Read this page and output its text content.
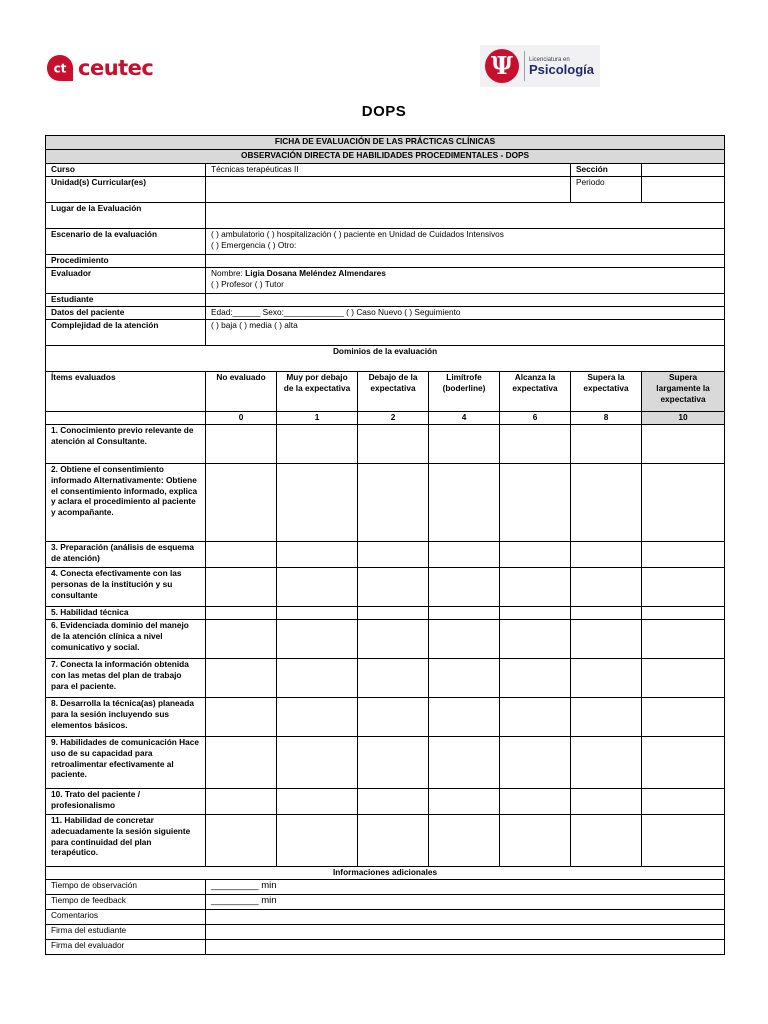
ct ceutec	Ψ	Licenciatura en
Psicología
DOPS
FICHA DE EVALUACIÓN DE LAS PRÁCTICAS CLÍNICAS							
OBSERVACIÓN DIRECTA DE HABILIDADES PROCEDIMENTALES - DOPS							
Curso	Técnicas terapéuticas II					Sección	
Unidad(s) Curricular(es)						Periodo	
Lugar de la Evaluación							
Escenario de la evaluación	( ) ambulatorio ( ) hospitalización ( ) paciente en Unidad de Cuidados Intensivos
( ) Emergencia ( ) Otro:						

Procedimiento							
Evaluador	Nombre: Ligia Dosana Meléndez Almendares
( ) Profesor ( ) Tutor						

Estudiante							
Datos del paciente	Edad:______ Sexo:_____________ ( ) Caso Nuevo ( ) Seguimiento						
Complejidad de la atención	( ) baja ( ) media ( ) alta						
Dominios de la evaluación							
Ítems evaluados	No evaluado	Muy por debajo de la expectativa	Debajo de la expectativa	Limítrofe (boderline)	Alcanza la expectativa	Supera la expectativa	Supera largamente la expectativa
	0	1	2	4	6	8	10
1. Conocimiento previo relevante de atención al Consultante.							
2. Obtiene el consentimiento informado Alternativamente: Obtiene el consentimiento informado, explica y aclara el procedimiento al paciente y acompañante.							
3. Preparación (análisis de esquema de atención)							
4. Conecta efectivamente con las personas de la institución y su consultante							
5. Habilidad técnica							
6. Evidenciada dominio del manejo de la atención clínica a nivel comunicativo y social.							
7. Conecta la información obtenida con las metas del plan de trabajo para el paciente.							
8. Desarrolla la técnica(as) planeada para la sesión incluyendo sus elementos básicos.							
9. Habilidades de comunicación Hace uso de su capacidad para retroalimentar efectivamente al paciente.							
10. Trato del paciente / profesionalismo							
11. Habilidad de concretar adecuadamente la sesión siguiente para continuidad del plan terapéutico.							
Informaciones adicionales							
Tiempo de observación	_________ min						
Tiempo de feedback	_________ min						
Comentarios							
Firma del estudiante							
Firma del evaluador							
